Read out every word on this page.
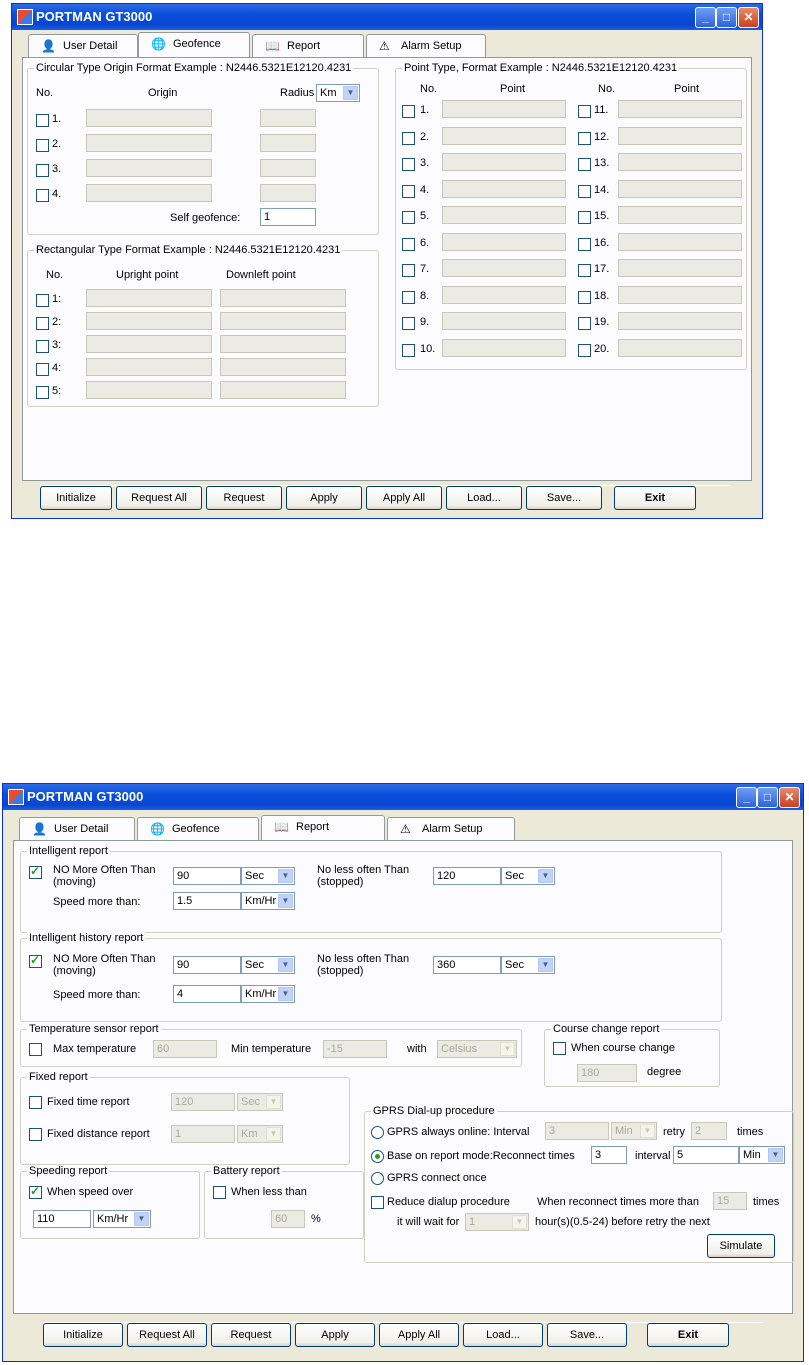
PORTMAN GT3000	_	□	✕
👤 User Detail	🌐 Geofence	📖 Report	⚠ Alarm Setup
Circular Type Origin Format Example : N2446.5321E12120.4231
No.	Origin	Radius Km	▼
1.
2.
3.
4.
Self geofence:	1
Rectangular Type Format Example : N2446.5321E12120.4231
No.	Upright point	Downleft point
1:
2:
3:
4:
5:
Point Type, Format Example : N2446.5321E12120.4231
No.	Point	No.	Point
1.	11.
2.	12.
3.	13.
4.	14.
5.	15.
6.	16.
7.	17.
8.	18.
9.	19.
10.	20.
Initialize	Request All	Request	Apply	Apply All	Load...	Save...	Exit
PORTMAN GT3000	_	□	✕
👤 User Detail	🌐 Geofence	📖 Report	⚠ Alarm Setup
Intelligent report
✓
NO More Often Than
(moving)	90	Sec	▼	No less often Than
(stopped)	120	Sec	▼
Speed more than:	1.5	Km/Hr ▼
Intelligent history report
✓
NO More Often Than
(moving)	90	Sec	▼	No less often Than
(stopped)	360	Sec	▼
Speed more than:	4	Km/Hr ▼
Temperature sensor report
Max temperature	60	Min temperature	-15	with	Celsius	▼
Course change report
When course change
180	degree
Fixed report
Fixed time report	120	Sec	▼
Fixed distance report	1	Km	▼
GPRS Dial-up procedure
GPRS always online: Interval	3	Min	▼	retry 2	times
Base on report mode:Reconnect times	3	interval 5	Min	▼
GPRS connect once
Reduce dialup procedure When reconnect times more than	15	times
it will wait for 1	▼	hour(s)(0.5-24) before retry the next
Simulate
Speeding report
✓
When speed over
110	Km/Hr	▼
Battery report
When less than
60	%
Initialize	Request All	Request	Apply	Apply All	Load...	Save...	Exit
